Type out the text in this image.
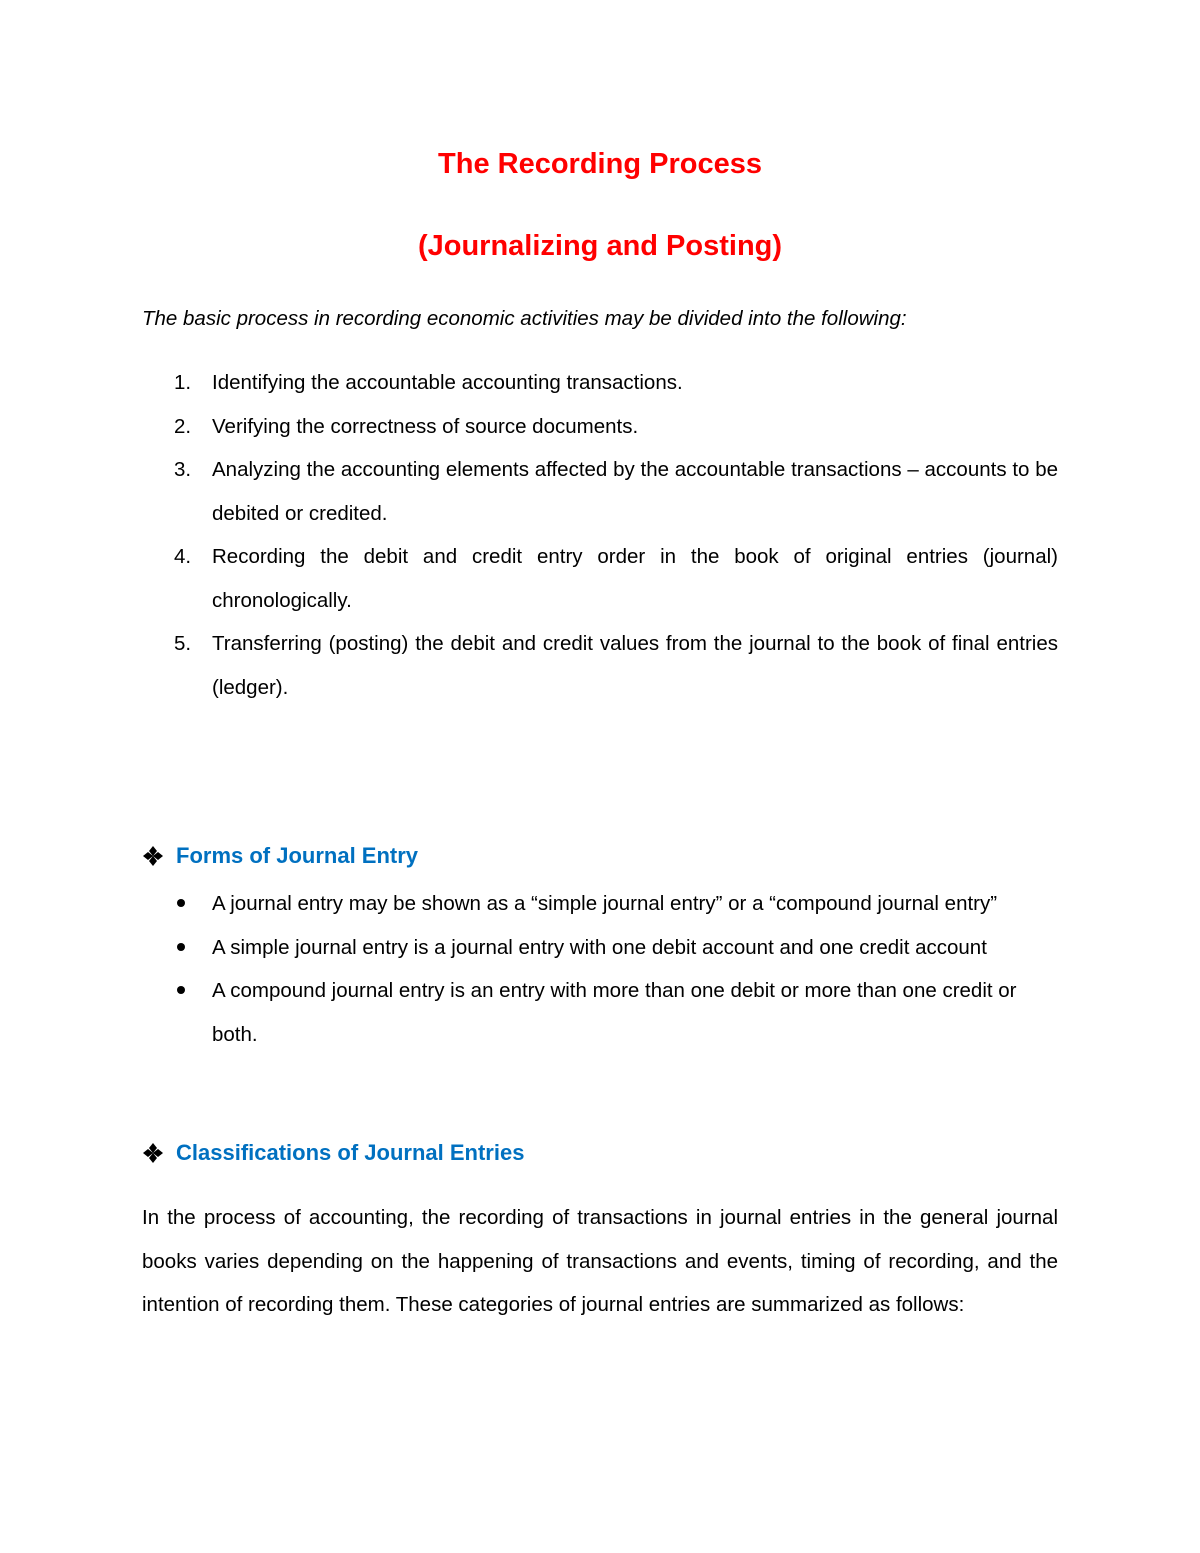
The Recording Process
(Journalizing and Posting)
The basic process in recording economic activities may be divided into the following:
1. Identifying the accountable accounting transactions.
2. Verifying the correctness of source documents.
3. Analyzing the accounting elements affected by the accountable transactions – accounts to be debited or credited.
4. Recording the debit and credit entry order in the book of original entries (journal) chronologically.
5. Transferring (posting) the debit and credit values from the journal to the book of final entries (ledger).
Forms of Journal Entry
A journal entry may be shown as a “simple journal entry” or a “compound journal entry”
A simple journal entry is a journal entry with one debit account and one credit account
A compound journal entry is an entry with more than one debit or more than one credit or both.
Classifications of Journal Entries
In the process of accounting, the recording of transactions in journal entries in the general journal books varies depending on the happening of transactions and events, timing of recording, and the intention of recording them. These categories of journal entries are summarized as follows:
